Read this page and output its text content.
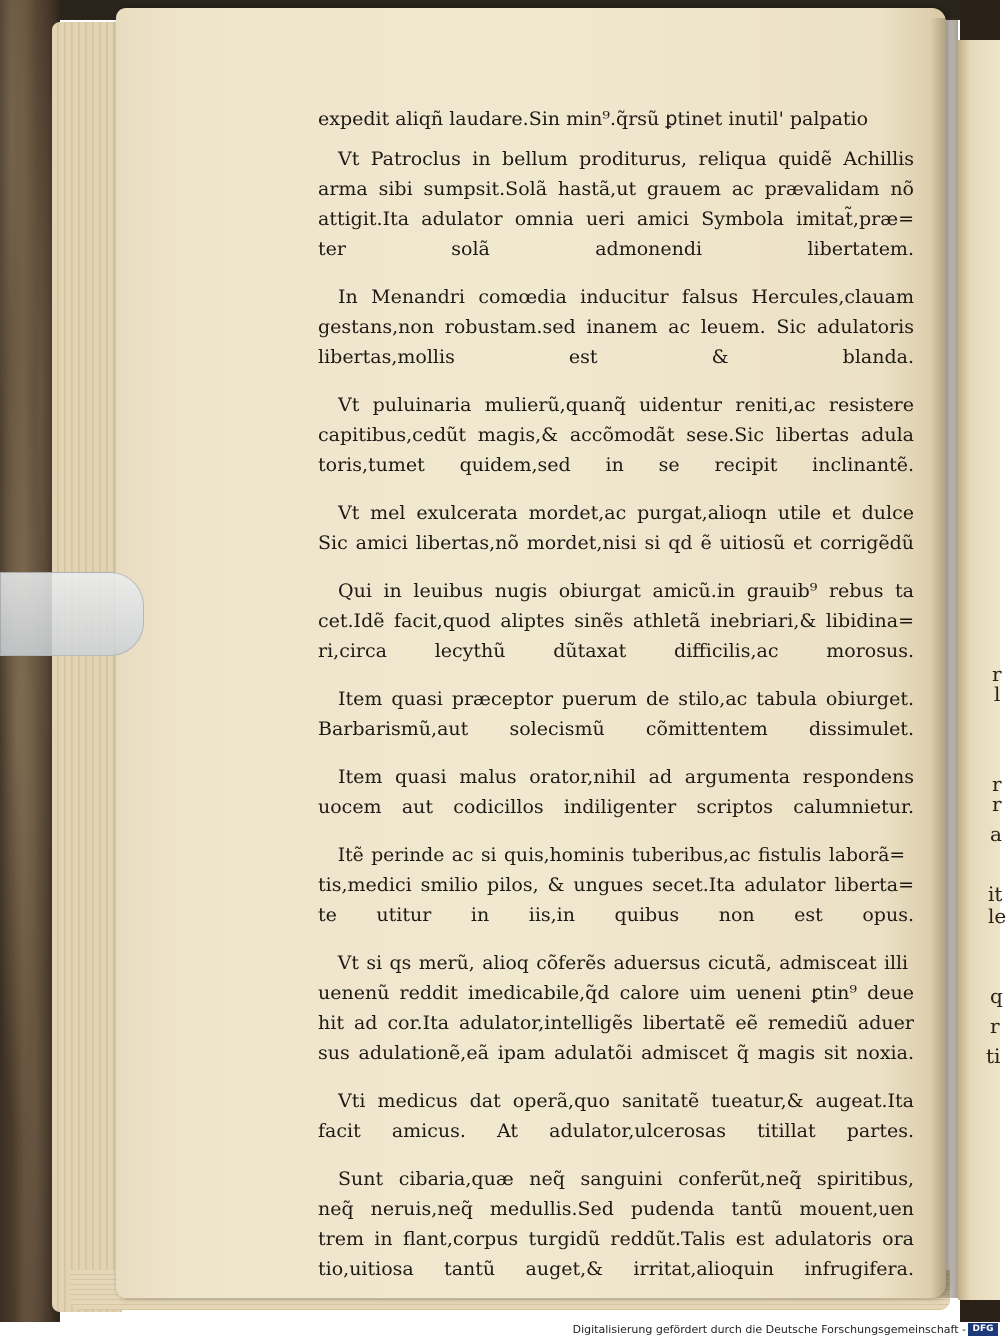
r
l
r
r
a
it
le
q
r
ti
expedit aliqñ laudare.Sin min⁹.q̃rsũ ꝑtinet inutil' palpatio
Vt Patroclus in bellum proditurus, reliqua quidẽ Achillis
arma sibi sumpsit.Solã hastã,ut grauem ac prævalidam nõ
attigit.Ita adulator omnia ueri amici Symbola imitat̃,præ=
ter solã admonendi libertatem.
In Menandri comœdia inducitur falsus Hercules,clauam
gestans,non robustam.sed inanem ac leuem. Sic adulatoris
libertas,mollis est & blanda.
Vt puluinaria mulierũ,quanq̃ uidentur reniti,ac resistere
capitibus,cedũt magis,& accõmodãt sese.Sic libertas adula
toris,tumet quidem,sed in se recipit inclinantẽ.
Vt mel exulcerata mordet,ac purgat,alioqn utile et dulce
Sic amici libertas,nõ mordet,nisi si qd ẽ uitiosũ et corrigẽdũ
Qui in leuibus nugis obiurgat amicũ.in grauib⁹ rebus ta
cet.Idẽ facit,quod aliptes sinẽs athletã inebriari,& libidina=
ri,circa lecythũ dũtaxat difficilis,ac morosus.
Item quasi præceptor puerum de stilo,ac tabula obiurget.
Barbarismũ,aut solecismũ cõmittentem dissimulet.
Item quasi malus orator,nihil ad argumenta respondens
uocem aut codicillos indiligenter scriptos calumnietur.
Itẽ perinde ac si quis,hominis tuberibus,ac fistulis laborã=
tis,medici smilio pilos, & ungues secet.Ita adulator liberta=
te utitur in iis,in quibus non est opus.
Vt si qs merũ, alioq cõferẽs aduersus cicutã, admisceat illi
uenenũ reddit imedicabile,q̃d calore uim ueneni ꝑtin⁹ deue
hit ad cor.Ita adulator,intelligẽs libertatẽ eẽ remediũ aduer
sus adulationẽ,eã ipam adulatõi admiscet q̃ magis sit noxia.
Vti medicus dat operã,quo sanitatẽ tueatur,& augeat.Ita
facit amicus. At adulator,ulcerosas titillat partes.
Sunt cibaria,quæ neq̃ sanguini conferũt,neq̃ spiritibus,
neq̃ neruis,neq̃ medullis.Sed pudenda tantũ mouent,uen
trem in flant,corpus turgidũ reddũt.Talis est adulatoris ora
tio,uitiosa tantũ auget,& irritat,alioquin infrugifera.
Digitalisierung gefördert durch die Deutsche Forschungsgemeinschaft - DFG
